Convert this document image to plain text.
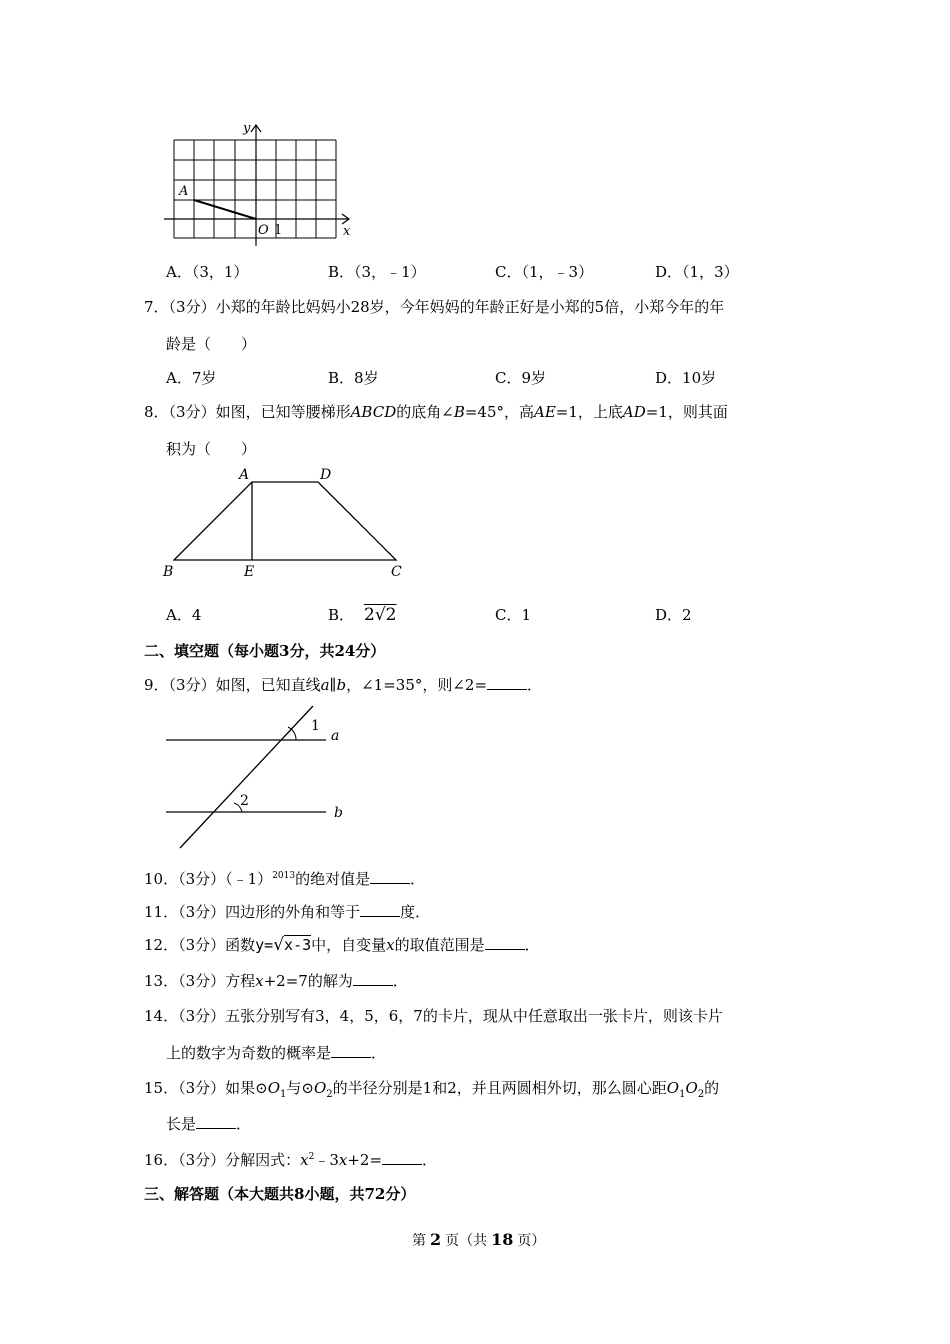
y
x
A
O 1
A．（3，1）	B．（3，﹣1）	C．（1，﹣3）	D．（1，3）
7．（3分）小郑的年龄比妈妈小28岁，今年妈妈的年龄正好是小郑的5倍，小郑今年的年
龄是（　　）
A．7岁	B．8岁	C．9岁	D．10岁
8．（3分）如图，已知等腰梯形ABCD的底角∠B=45°，高AE=1，上底AD=1，则其面
积为（　　）
A	D
B	E	C
A．4	B． 2√2	C．1	D．2
二、填空题（每小题3分，共24分）
9．（3分）如图，已知直线a∥b，∠1=35°，则∠2=	．
1
2
a
b
10．（3分）（﹣1）$^{2013}$的绝对值是	．
11．（3分）四边形的外角和等于	度．
12．（3分）函数y=√x-3中，自变量x的取值范围是	．
13．（3分）方程x+2=7的解为	．
14．（3分）五张分别写有3，4，5，6，7的卡片，现从中任意取出一张卡片，则该卡片
上的数字为奇数的概率是	．
15．（3分）如果$⊙O_1$与$⊙O_2$的半径分别是1和2，并且两圆相外切，那么圆心距$O_1O_2$的
长是	．
16．（3分）分解因式：$x^2﹣3x+2=$	．
三、解答题（本大题共8小题，共72分）
第 2 页（共 18 页）
